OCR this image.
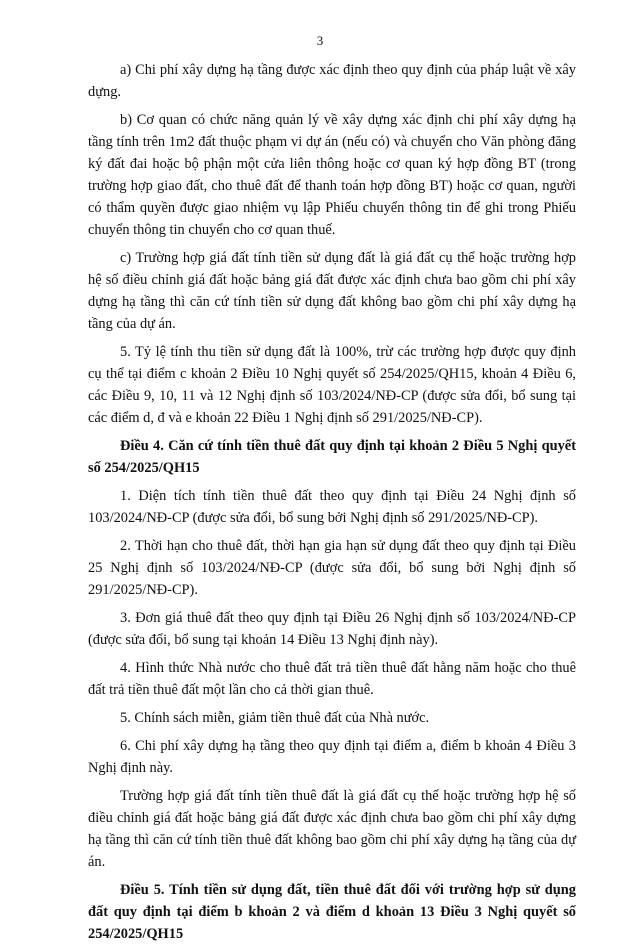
3

a) Chi phí xây dựng hạ tầng được xác định theo quy định của pháp luật về xây dựng.

b) Cơ quan có chức năng quản lý về xây dựng xác định chi phí xây dựng hạ tầng tính trên 1m2 đất thuộc phạm vi dự án (nếu có) và chuyển cho Văn phòng đăng ký đất đai hoặc bộ phận một cửa liên thông hoặc cơ quan ký hợp đồng BT (trong trường hợp giao đất, cho thuê đất để thanh toán hợp đồng BT) hoặc cơ quan, người có thẩm quyền được giao nhiệm vụ lập Phiếu chuyển thông tin để ghi trong Phiếu chuyển thông tin chuyển cho cơ quan thuế.

c) Trường hợp giá đất tính tiền sử dụng đất là giá đất cụ thể hoặc trường hợp hệ số điều chỉnh giá đất hoặc bảng giá đất được xác định chưa bao gồm chi phí xây dựng hạ tầng thì căn cứ tính tiền sử dụng đất không bao gồm chi phí xây dựng hạ tầng của dự án.

5. Tỷ lệ tính thu tiền sử dụng đất là 100%, trừ các trường hợp được quy định cụ thể tại điểm c khoản 2 Điều 10 Nghị quyết số 254/2025/QH15, khoản 4 Điều 6, các Điều 9, 10, 11 và 12 Nghị định số 103/2024/NĐ-CP (được sửa đổi, bổ sung tại các điểm d, đ và e khoản 22 Điều 1 Nghị định số 291/2025/NĐ-CP).

Điều 4. Căn cứ tính tiền thuê đất quy định tại khoản 2 Điều 5 Nghị quyết số 254/2025/QH15

1. Diện tích tính tiền thuê đất theo quy định tại Điều 24 Nghị định số 103/2024/NĐ-CP (được sửa đổi, bổ sung bởi Nghị định số 291/2025/NĐ-CP).

2. Thời hạn cho thuê đất, thời hạn gia hạn sử dụng đất theo quy định tại Điều 25 Nghị định số 103/2024/NĐ-CP (được sửa đổi, bổ sung bởi Nghị định số 291/2025/NĐ-CP).

3. Đơn giá thuê đất theo quy định tại Điều 26 Nghị định số 103/2024/NĐ-CP (được sửa đổi, bổ sung tại khoản 14 Điều 13 Nghị định này).

4. Hình thức Nhà nước cho thuê đất trả tiền thuê đất hằng năm hoặc cho thuê đất trả tiền thuê đất một lần cho cả thời gian thuê.

5. Chính sách miễn, giảm tiền thuê đất của Nhà nước.

6. Chi phí xây dựng hạ tầng theo quy định tại điểm a, điểm b khoản 4 Điều 3 Nghị định này.

Trường hợp giá đất tính tiền thuê đất là giá đất cụ thể hoặc trường hợp hệ số điều chỉnh giá đất hoặc bảng giá đất được xác định chưa bao gồm chi phí xây dựng hạ tầng thì căn cứ tính tiền thuê đất không bao gồm chi phí xây dựng hạ tầng của dự án.

Điều 5. Tính tiền sử dụng đất, tiền thuê đất đối với trường hợp sử dụng đất quy định tại điểm b khoản 2 và điểm d khoản 13 Điều 3 Nghị quyết số 254/2025/QH15
